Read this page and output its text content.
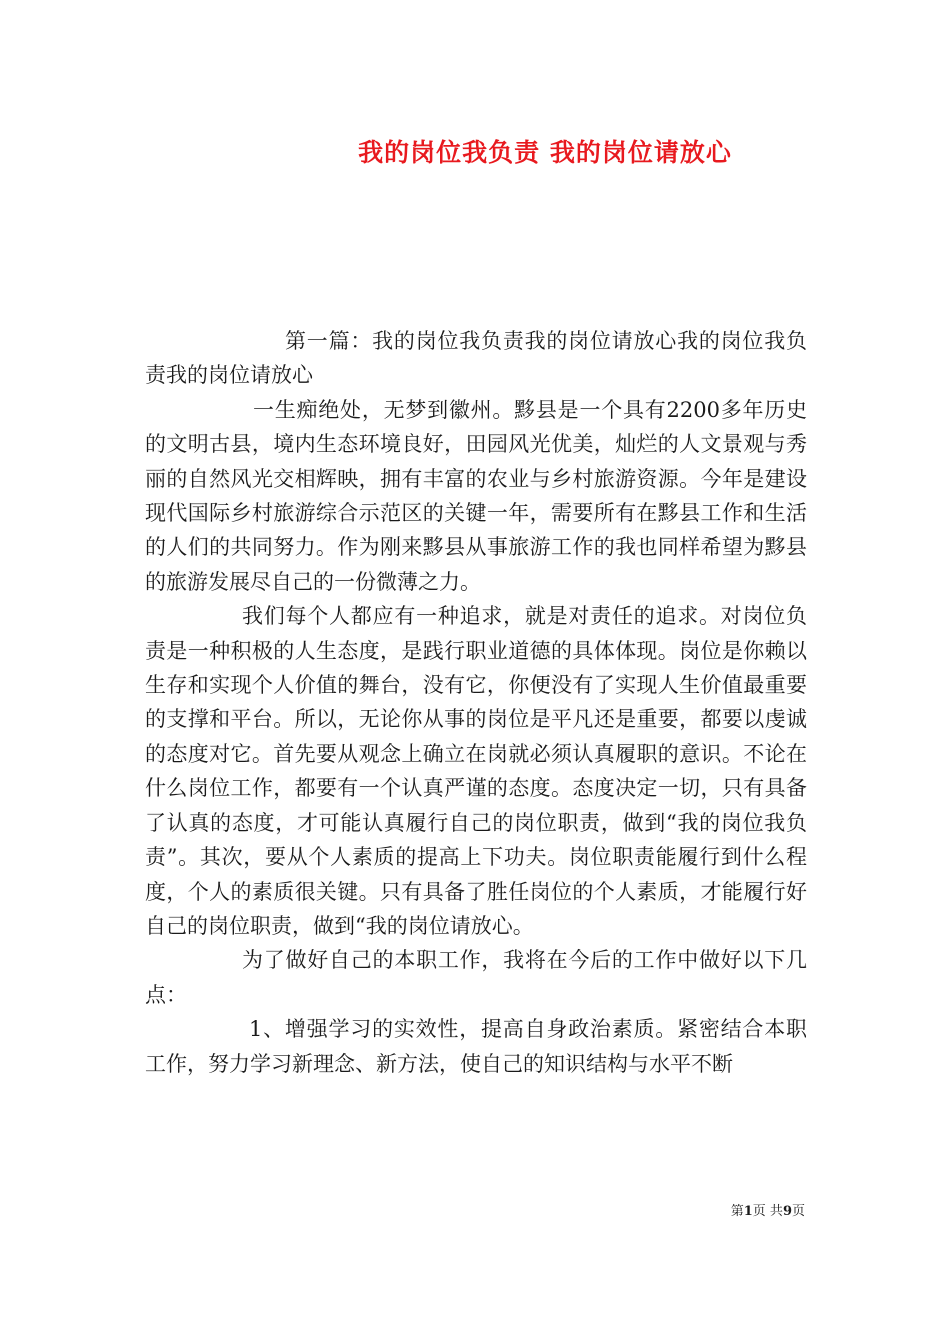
我的岗位我负责 我的岗位请放心

第一篇：我的岗位我负责我的岗位请放心我的岗位我负责我的岗位请放心

一生痴绝处，无梦到徽州。黟县是一个具有2200多年历史的文明古县，境内生态环境良好，田园风光优美，灿烂的人文景观与秀丽的自然风光交相辉映，拥有丰富的农业与乡村旅游资源。今年是建设现代国际乡村旅游综合示范区的关键一年，需要所有在黟县工作和生活的人们的共同努力。作为刚来黟县从事旅游工作的我也同样希望为黟县的旅游发展尽自己的一份微薄之力。

我们每个人都应有一种追求，就是对责任的追求。对岗位负责是一种积极的人生态度，是践行职业道德的具体体现。岗位是你赖以生存和实现个人价值的舞台，没有它，你便没有了实现人生价值最重要的支撑和平台。所以，无论你从事的岗位是平凡还是重要，都要以虔诚的态度对它。首先要从观念上确立在岗就必须认真履职的意识。不论在什么岗位工作，都要有一个认真严谨的态度。态度决定一切，只有具备了认真的态度，才可能认真履行自己的岗位职责，做到“我的岗位我负责”。其次，要从个人素质的提高上下功夫。岗位职责能履行到什么程度，个人的素质很关键。只有具备了胜任岗位的个人素质，才能履行好自己的岗位职责，做到“我的岗位请放心。

为了做好自己的本职工作，我将在今后的工作中做好以下几点：

1、增强学习的实效性，提高自身政治素质。紧密结合本职工作，努力学习新理念、新方法，使自己的知识结构与水平不断

第1页 共9页
